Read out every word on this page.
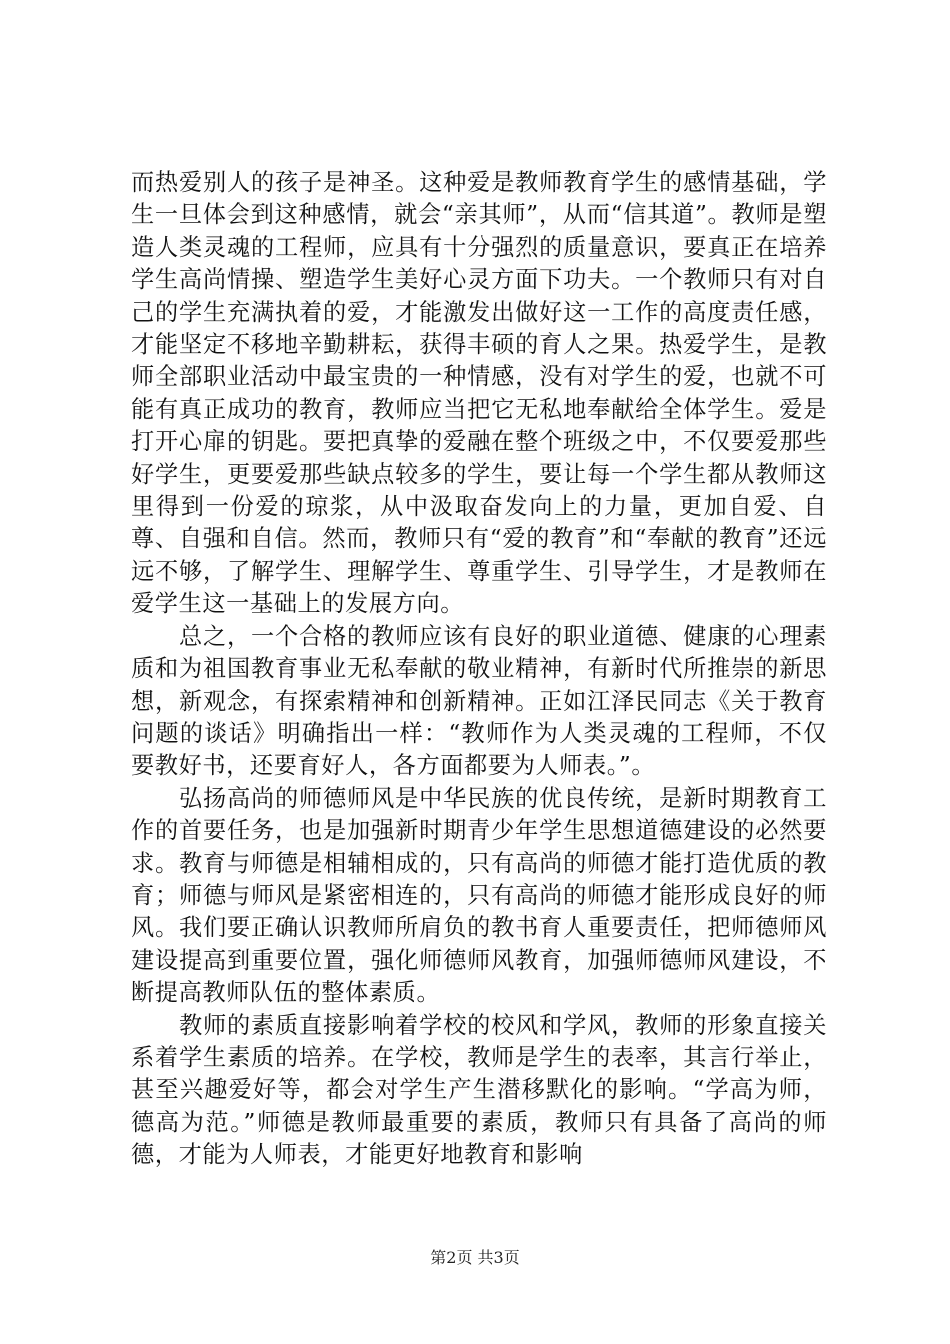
而热爱别人的孩子是神圣。这种爱是教师教育学生的感情基础，学生一旦体会到这种感情，就会“亲其师”，从而“信其道”。教师是塑造人类灵魂的工程师，应具有十分强烈的质量意识，要真正在培养学生高尚情操、塑造学生美好心灵方面下功夫。一个教师只有对自己的学生充满执着的爱，才能激发出做好这一工作的高度责任感，才能坚定不移地辛勤耕耘，获得丰硕的育人之果。热爱学生，是教师全部职业活动中最宝贵的一种情感，没有对学生的爱，也就不可能有真正成功的教育，教师应当把它无私地奉献给全体学生。爱是打开心扉的钥匙。要把真挚的爱融在整个班级之中，不仅要爱那些好学生，更要爱那些缺点较多的学生，要让每一个学生都从教师这里得到一份爱的琼浆，从中汲取奋发向上的力量，更加自爱、自尊、自强和自信。然而，教师只有“爱的教育”和“奉献的教育”还远远不够，了解学生、理解学生、尊重学生、引导学生，才是教师在爱学生这一基础上的发展方向。

总之，一个合格的教师应该有良好的职业道德、健康的心理素质和为祖国教育事业无私奉献的敬业精神，有新时代所推崇的新思想，新观念，有探索精神和创新精神。正如江泽民同志《关于教育问题的谈话》明确指出一样：“教师作为人类灵魂的工程师，不仅要教好书，还要育好人，各方面都要为人师表。”。

弘扬高尚的师德师风是中华民族的优良传统，是新时期教育工作的首要任务，也是加强新时期青少年学生思想道德建设的必然要求。教育与师德是相辅相成的，只有高尚的师德才能打造优质的教育；师德与师风是紧密相连的，只有高尚的师德才能形成良好的师风。我们要正确认识教师所肩负的教书育人重要责任，把师德师风建设提高到重要位置，强化师德师风教育，加强师德师风建设，不断提高教师队伍的整体素质。

教师的素质直接影响着学校的校风和学风，教师的形象直接关系着学生素质的培养。在学校，教师是学生的表率，其言行举止，甚至兴趣爱好等，都会对学生产生潜移默化的影响。“学高为师，德高为范。”师德是教师最重要的素质，教师只有具备了高尚的师德，才能为人师表，才能更好地教育和影响

第2页 共3页
